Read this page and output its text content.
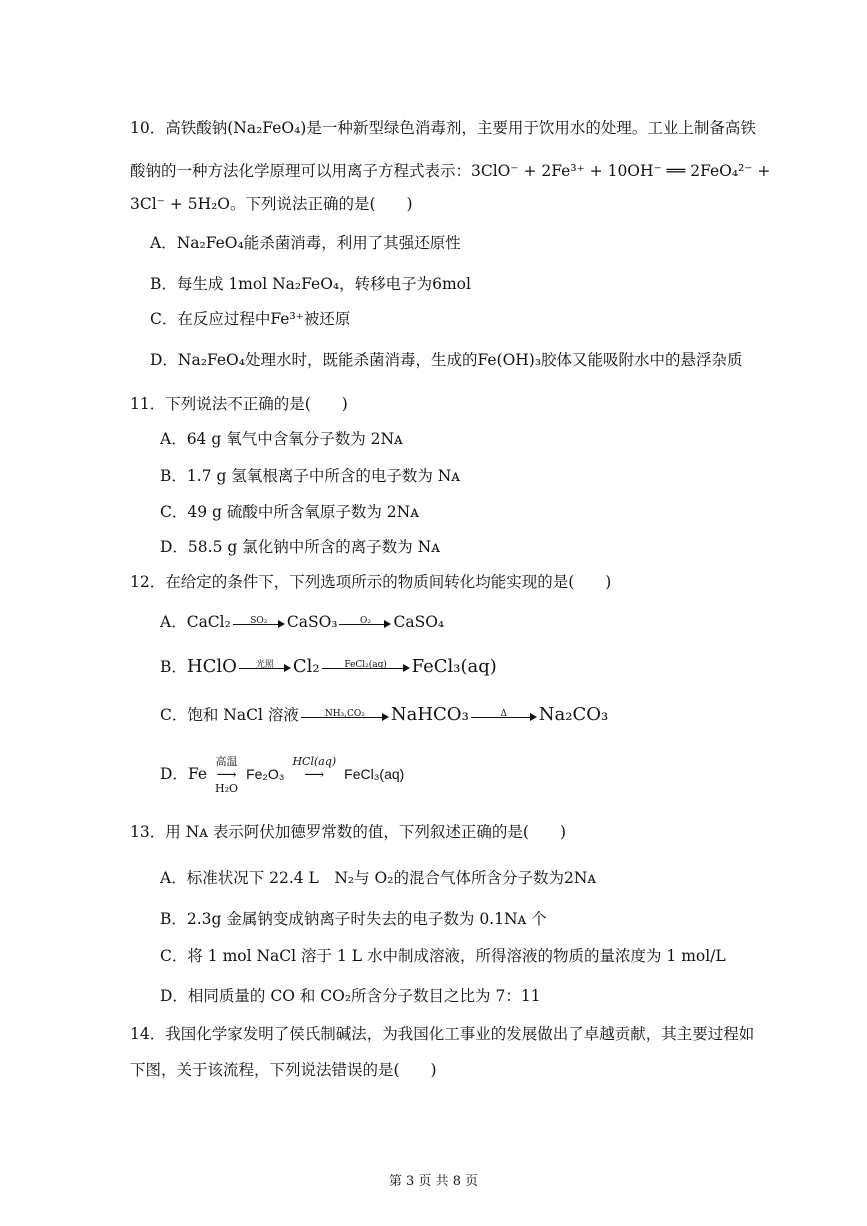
10．高铁酸钠(Na₂FeO₄)是一种新型绿色消毒剂，主要用于饮用水的处理。工业上制备高铁
酸钠的一种方法化学原理可以用离子方程式表示：3ClO⁻ + 2Fe³⁺ + 10OH⁻ ══ 2FeO₄²⁻ +
3Cl⁻ + 5H₂O。下列说法正确的是(　　)
A．Na₂FeO₄能杀菌消毒，利用了其强还原性
B．每生成 1mol Na₂FeO₄，转移电子为6mol
C．在反应过程中Fe³⁺被还原
D．Na₂FeO₄处理水时，既能杀菌消毒，生成的Fe(OH)₃胶体又能吸附水中的悬浮杂质
11．下列说法不正确的是(　　)
A．64 g 氧气中含氧分子数为 2Nᴀ
B．1.7 g 氢氧根离子中所含的电子数为 Nᴀ
C．49 g 硫酸中所含氧原子数为 2Nᴀ
D．58.5 g 氯化钠中所含的离子数为 Nᴀ
12．在给定的条件下，下列选项所示的物质间转化均能实现的是(　　)
A．CaCl₂	SO₂	CaSO₃	O₂	CaSO₄
B．HClO	光照	Cl₂	FeCl₂(aq)	FeCl₃(aq)
C．饱和 NaCl 溶液	NH₃,CO₂	NaHCO₃	Δ	Na₂CO₃
D．Fe
高温
⟶
H₂O
Fe₂O₃
HCl(aq)
⟶
	FeCl₃(aq)
13．用 Nᴀ 表示阿伏加德罗常数的值，下列叙述正确的是(　　)
A．标准状况下 22.4 L　N₂与 O₂的混合气体所含分子数为2Nᴀ
B．2.3g 金属钠变成钠离子时失去的电子数为 0.1Nᴀ 个
C．将 1 mol NaCl 溶于 1 L 水中制成溶液，所得溶液的物质的量浓度为 1 mol/L
D．相同质量的 CO 和 CO₂所含分子数目之比为 7：11
14．我国化学家发明了侯氏制碱法，为我国化工事业的发展做出了卓越贡献，其主要过程如
下图，关于该流程，下列说法错误的是(　　)
第 3 页 共 8 页
